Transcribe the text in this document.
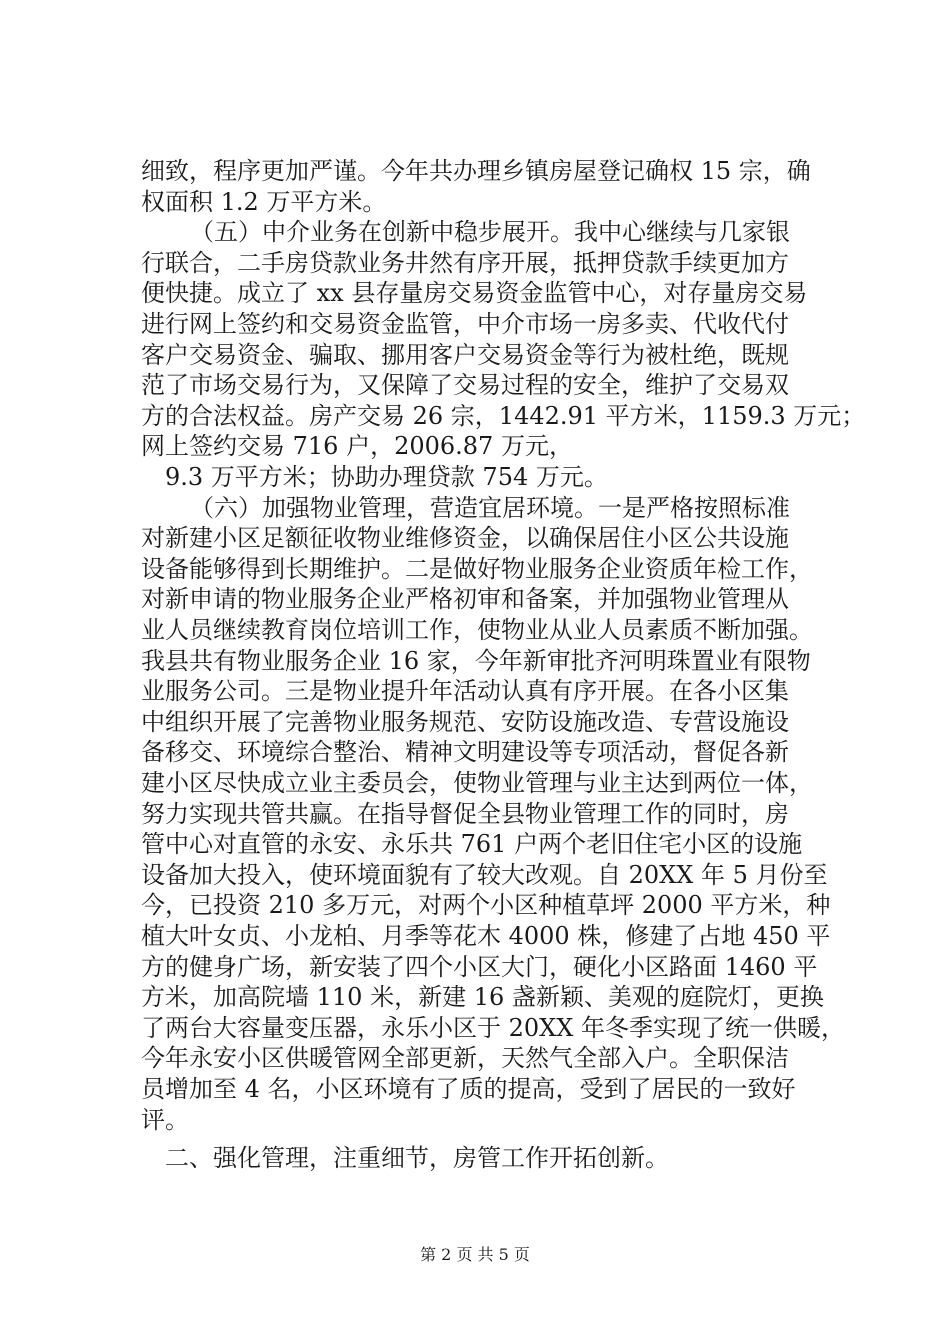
细致，程序更加严谨。今年共办理乡镇房屋登记确权 15 宗，确
权面积 1.2 万平方米。
（五）中介业务在创新中稳步展开。我中心继续与几家银
行联合，二手房贷款业务井然有序开展，抵押贷款手续更加方
便快捷。成立了 xx 县存量房交易资金监管中心，对存量房交易
进行网上签约和交易资金监管，中介市场一房多卖、代收代付
客户交易资金、骗取、挪用客户交易资金等行为被杜绝，既规
范了市场交易行为，又保障了交易过程的安全，维护了交易双
方的合法权益。房产交易 26 宗，1442.91 平方米，1159.3 万元；
网上签约交易 716 户，2006.87 万元，
9.3 万平方米；协助办理贷款 754 万元。
（六）加强物业管理，营造宜居环境。一是严格按照标准
对新建小区足额征收物业维修资金，以确保居住小区公共设施
设备能够得到长期维护。二是做好物业服务企业资质年检工作，
对新申请的物业服务企业严格初审和备案，并加强物业管理从
业人员继续教育岗位培训工作，使物业从业人员素质不断加强。
我县共有物业服务企业 16 家，今年新审批齐河明珠置业有限物
业服务公司。三是物业提升年活动认真有序开展。在各小区集
中组织开展了完善物业服务规范、安防设施改造、专营设施设
备移交、环境综合整治、精神文明建设等专项活动，督促各新
建小区尽快成立业主委员会，使物业管理与业主达到两位一体，
努力实现共管共赢。在指导督促全县物业管理工作的同时，房
管中心对直管的永安、永乐共 761 户两个老旧住宅小区的设施
设备加大投入，使环境面貌有了较大改观。自 20XX 年 5 月份至
今，已投资 210 多万元，对两个小区种植草坪 2000 平方米，种
植大叶女贞、小龙柏、月季等花木 4000 株，修建了占地 450 平
方的健身广场，新安装了四个小区大门，硬化小区路面 1460 平
方米，加高院墙 110 米，新建 16 盏新颖、美观的庭院灯，更换
了两台大容量变压器，永乐小区于 20XX 年冬季实现了统一供暖，
今年永安小区供暖管网全部更新，天然气全部入户。全职保洁
员增加至 4 名，小区环境有了质的提高，受到了居民的一致好
评。
二、强化管理，注重细节，房管工作开拓创新。
第 2 页 共 5 页
